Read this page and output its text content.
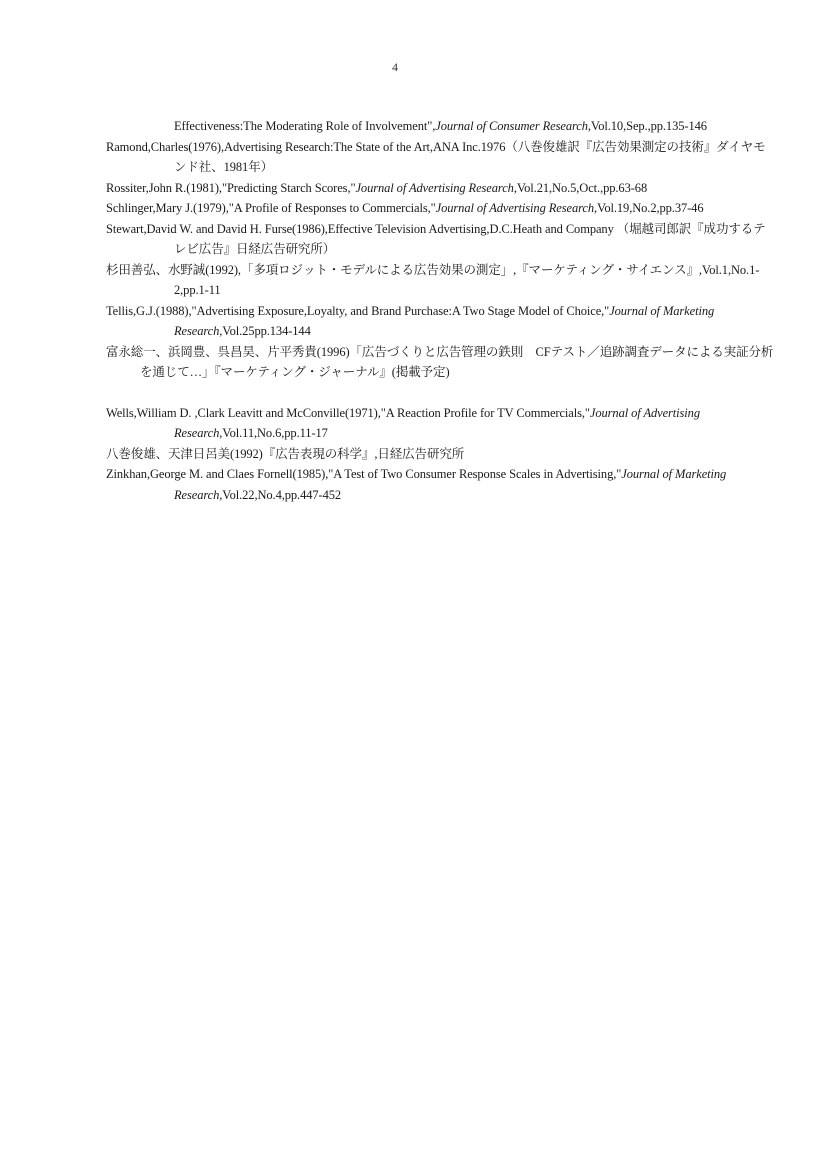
4
Effectiveness:The Moderating Role of Involvement",Journal of Consumer Research,Vol.10,Sep.,pp.135-146
Ramond,Charles(1976),Advertising Research:The State of the Art,ANA Inc.1976（八巻俊雄訳『広告効果測定の技術』ダイヤモンド社、1981年）
Rossiter,John R.(1981),"Predicting Starch Scores,"Journal of Advertising Research,Vol.21,No.5,Oct.,pp.63-68
Schlinger,Mary J.(1979),"A Profile of Responses to Commercials,"Journal of Advertising Research,Vol.19,No.2,pp.37-46
Stewart,David W. and David H. Furse(1986),Effective Television Advertising,D.C.Heath and Company （堀越司郎訳『成功するテレビ広告』日経広告研究所）
杉田善弘、水野誠(1992),「多項ロジット・モデルによる広告効果の測定」,『マーケティング・サイエンス』,Vol.1,No.1-2,pp.1-11
Tellis,G.J.(1988),"Advertising Exposure,Loyalty, and Brand Purchase:A Two Stage Model of Choice,"Journal of Marketing Research,Vol.25pp.134-144
富永総一、浜岡豊、呉昌昊、片平秀貴(1996)「広告づくりと広告管理の鉄則　CFテスト／追跡調査データによる実証分析を通じて…」『マーケティング・ジャーナル』(掲載予定)
Wells,William D. ,Clark Leavitt and McConville(1971),"A Reaction Profile for TV Commercials,"Journal of Advertising Research,Vol.11,No.6,pp.11-17
八巻俊雄、天津日呂美(1992)『広告表現の科学』,日経広告研究所
Zinkhan,George M. and Claes Fornell(1985),"A Test of Two Consumer Response Scales in Advertising,"Journal of Marketing Research,Vol.22,No.4,pp.447-452
